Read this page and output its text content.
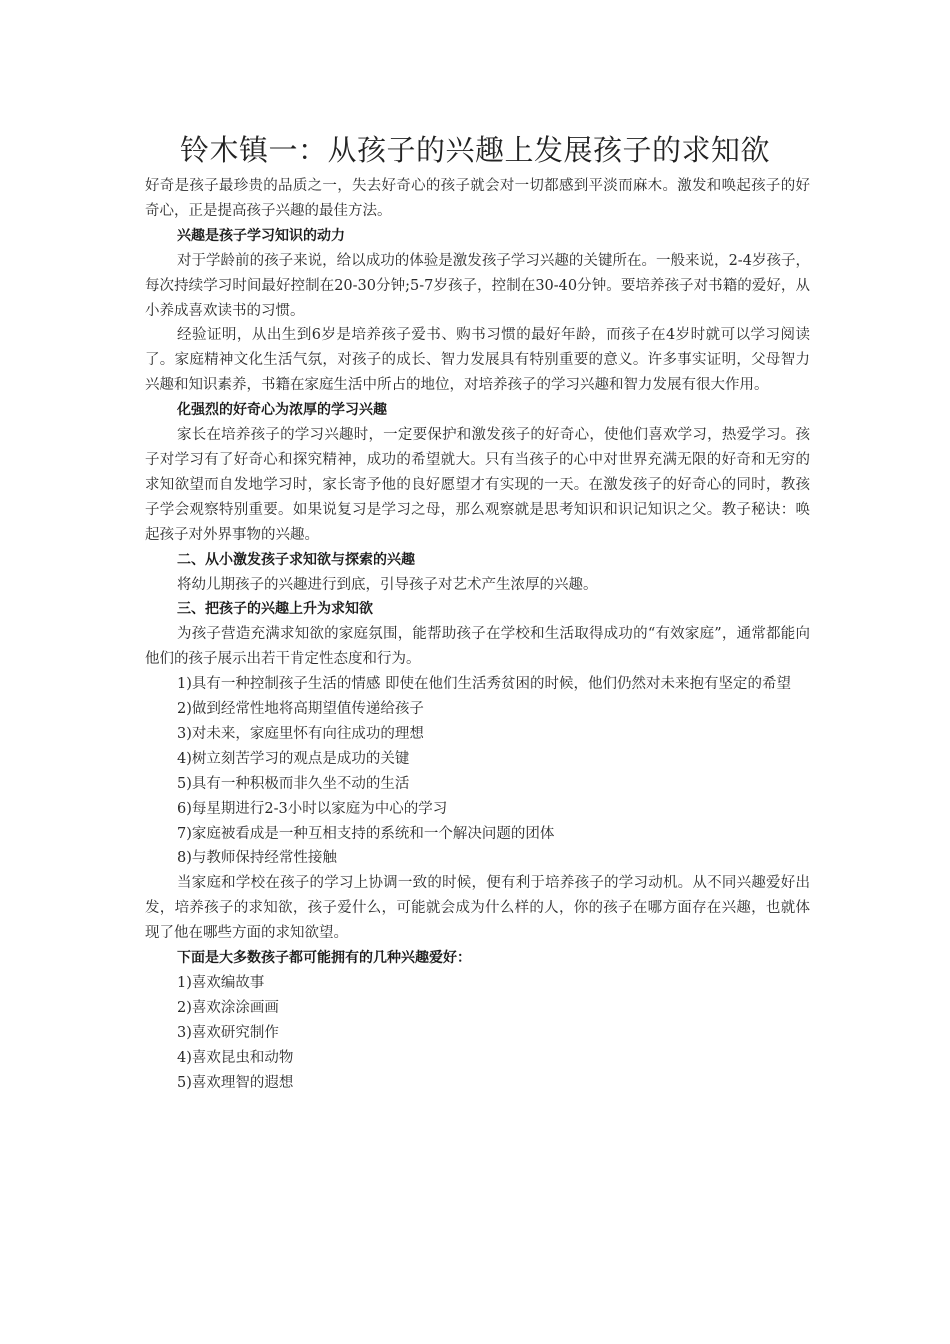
铃木镇一：从孩子的兴趣上发展孩子的求知欲

好奇是孩子最珍贵的品质之一，失去好奇心的孩子就会对一切都感到平淡而麻木。激发和唤起孩子的好奇心，正是提高孩子兴趣的最佳方法。

兴趣是孩子学习知识的动力

对于学龄前的孩子来说，给以成功的体验是激发孩子学习兴趣的关键所在。一般来说，2-4岁孩子，每次持续学习时间最好控制在20-30分钟;5-7岁孩子，控制在30-40分钟。要培养孩子对书籍的爱好，从小养成喜欢读书的习惯。

经验证明，从出生到6岁是培养孩子爱书、购书习惯的最好年龄，而孩子在4岁时就可以学习阅读了。家庭精神文化生活气氛，对孩子的成长、智力发展具有特别重要的意义。许多事实证明，父母智力兴趣和知识素养，书籍在家庭生活中所占的地位，对培养孩子的学习兴趣和智力发展有很大作用。

化强烈的好奇心为浓厚的学习兴趣

家长在培养孩子的学习兴趣时，一定要保护和激发孩子的好奇心，使他们喜欢学习，热爱学习。孩子对学习有了好奇心和探究精神，成功的希望就大。只有当孩子的心中对世界充满无限的好奇和无穷的求知欲望而自发地学习时，家长寄予他的良好愿望才有实现的一天。在激发孩子的好奇心的同时，教孩子学会观察特别重要。如果说复习是学习之母，那么观察就是思考知识和识记知识之父。教子秘诀：唤起孩子对外界事物的兴趣。

二、从小激发孩子求知欲与探索的兴趣

将幼儿期孩子的兴趣进行到底，引导孩子对艺术产生浓厚的兴趣。

三、把孩子的兴趣上升为求知欲

为孩子营造充满求知欲的家庭氛围，能帮助孩子在学校和生活取得成功的“有效家庭”，通常都能向他们的孩子展示出若干肯定性态度和行为。

1)具有一种控制孩子生活的情感 即使在他们生活秀贫困的时候，他们仍然对未来抱有坚定的希望

2)做到经常性地将高期望值传递给孩子

3)对未来，家庭里怀有向往成功的理想

4)树立刻苦学习的观点是成功的关键

5)具有一种积极而非久坐不动的生活

6)每星期进行2-3小时以家庭为中心的学习

7)家庭被看成是一种互相支持的系统和一个解决问题的团体

8)与教师保持经常性接触

当家庭和学校在孩子的学习上协调一致的时候，便有利于培养孩子的学习动机。从不同兴趣爱好出发，培养孩子的求知欲，孩子爱什么，可能就会成为什么样的人，你的孩子在哪方面存在兴趣，也就体现了他在哪些方面的求知欲望。

下面是大多数孩子都可能拥有的几种兴趣爱好：

1)喜欢编故事

2)喜欢涂涂画画

3)喜欢研究制作

4)喜欢昆虫和动物

5)喜欢理智的遐想
